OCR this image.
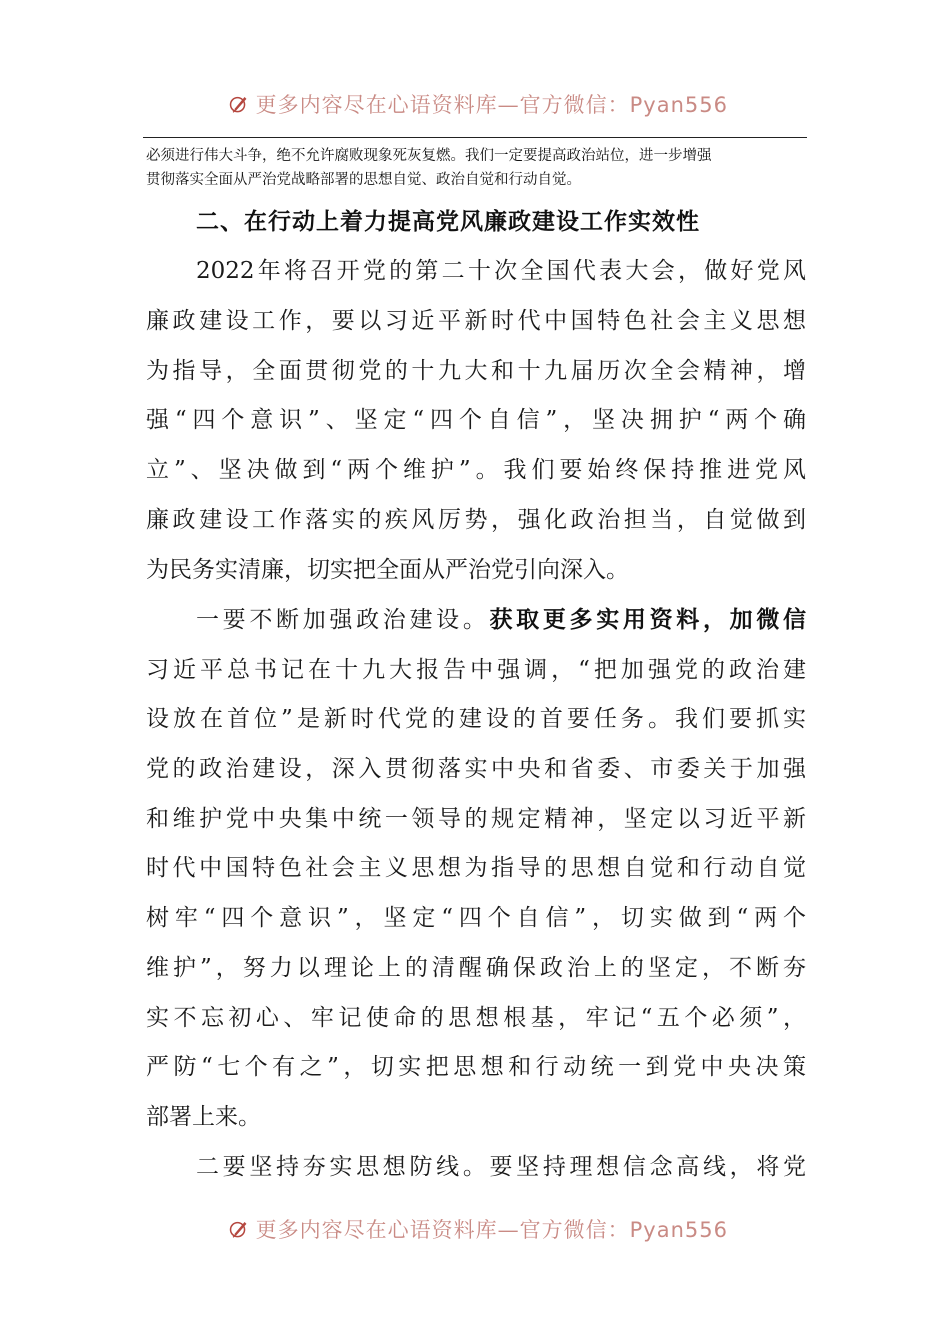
更多内容尽在心语资料库—官方微信：Pyan556
必须进行伟大斗争，绝不允许腐败现象死灰复燃。我们一定要提高政治站位，进一步增强
贯彻落实全面从严治党战略部署的思想自觉、政治自觉和行动自觉。
二、在行动上着力提高党风廉政建设工作实效性
2022年将召开党的第二十次全国代表大会，做好党风
廉政建设工作，要以习近平新时代中国特色社会主义思想
为指导，全面贯彻党的十九大和十九届历次全会精神，增
强“四个意识”、坚定“四个自信”，坚决拥护“两个确
立”、坚决做到“两个维护”。我们要始终保持推进党风
廉政建设工作落实的疾风厉势，强化政治担当，自觉做到
为民务实清廉，切实把全面从严治党引向深入。
一要不断加强政治建设。获取更多实用资料，加微信
习近平总书记在十九大报告中强调，“把加强党的政治建
设放在首位”是新时代党的建设的首要任务。我们要抓实
党的政治建设，深入贯彻落实中央和省委、市委关于加强
和维护党中央集中统一领导的规定精神，坚定以习近平新
时代中国特色社会主义思想为指导的思想自觉和行动自觉
树牢“四个意识”，坚定“四个自信”，切实做到“两个
维护”，努力以理论上的清醒确保政治上的坚定，不断夯
实不忘初心、牢记使命的思想根基，牢记“五个必须”，
严防“七个有之”，切实把思想和行动统一到党中央决策
部署上来。
二要坚持夯实思想防线。要坚持理想信念高线，将党
更多内容尽在心语资料库—官方微信：Pyan556
